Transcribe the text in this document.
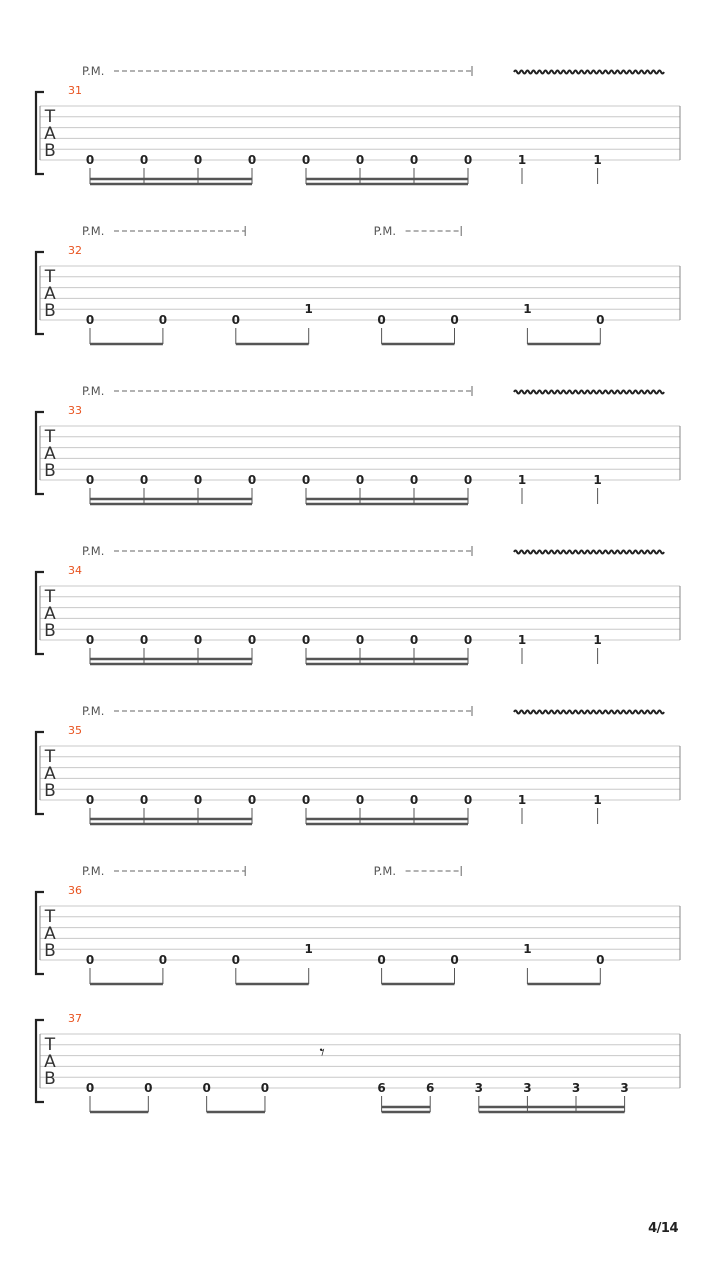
P.M.
31
T
A
B 0	0	0	0	0	0	0	0	1	1
P.M.	P.M.
32
T
A
B 0	0	0
1
0	0
1
0
P.M.
33
T
A
B 0	0	0	0	0	0	0	0	1	1
P.M.
34
T
A
B 0	0	0	0	0	0	0	0	1	1
P.M.
35
T
A
B 0	0	0	0	0	0	0	0	1	1
P.M.	P.M.
36
T
A
B 0	0	0
1
0	0
1
0
37
T
A
B 0	0	0	0	6	6	3	3	3	3
𝄾
4/14
